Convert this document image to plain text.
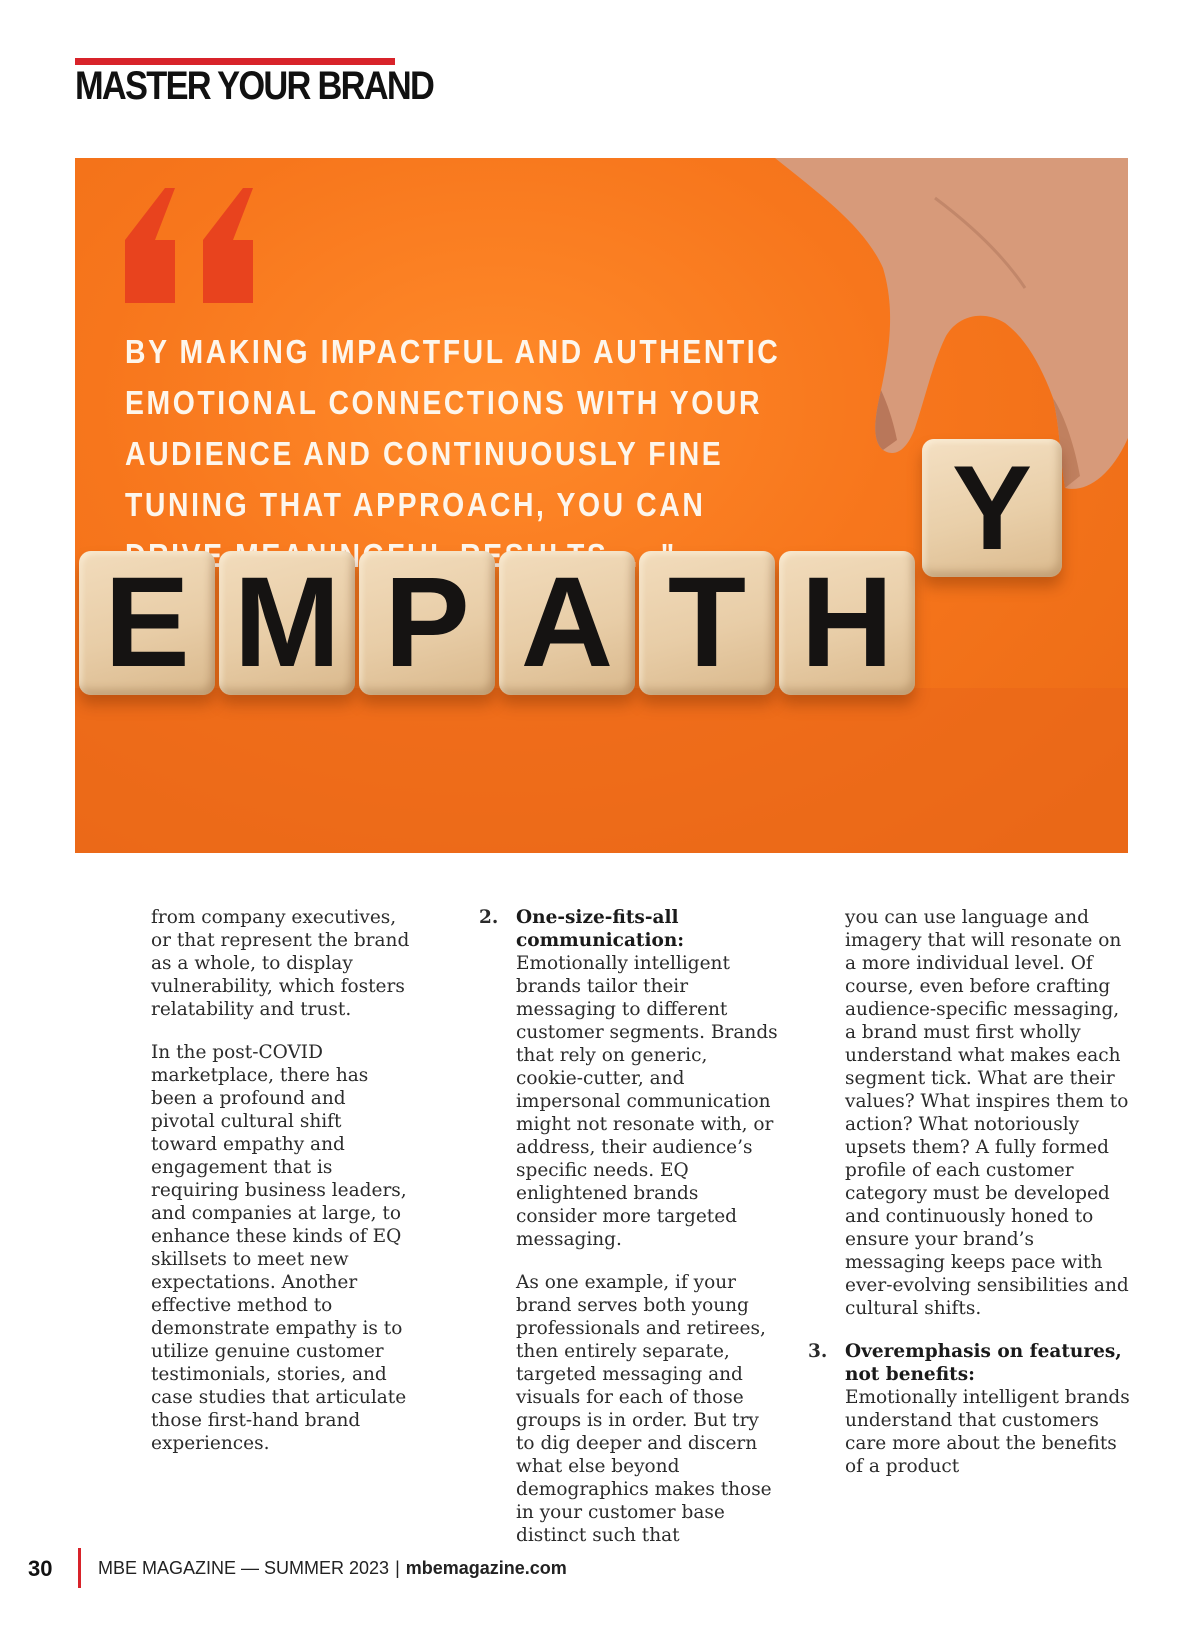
MASTER YOUR BRAND

BY MAKING IMPACTFUL AND AUTHENTIC EMOTIONAL CONNECTIONS WITH YOUR AUDIENCE AND CONTINUOUSLY FINE TUNING THAT APPROACH, YOU CAN

E M P A T H
Y

from company executives, or that represent the brand as a whole, to display vulnerability, which fosters relatability and trust.

In the post-COVID marketplace, there has been a profound and pivotal cultural shift toward empathy and engagement that is requiring business leaders, and companies at large, to enhance these kinds of EQ skillsets to meet new expectations. Another effective method to demonstrate empathy is to utilize genuine customer testimonials, stories, and case studies that articulate those first-hand brand experiences.

2. One-size-fits-all communication:
Emotionally intelligent brands tailor their messaging to different customer segments. Brands that rely on generic, cookie-cutter, and impersonal communication might not resonate with, or address, their audience’s specific needs. EQ enlightened brands consider more targeted messaging.

As one example, if your brand serves both young professionals and retirees, then entirely separate, targeted messaging and visuals for each of those groups is in order. But try to dig deeper and discern what else beyond demographics makes those in your customer base distinct such that

you can use language and imagery that will resonate on a more individual level. Of course, even before crafting audience-specific messaging, a brand must first wholly understand what makes each segment tick. What are their values? What inspires them to action? What notoriously upsets them? A fully formed profile of each customer category must be developed and continuously honed to ensure your brand’s messaging keeps pace with ever-evolving sensibilities and cultural shifts.

3. Overemphasis on features, not benefits:
Emotionally intelligent brands understand that customers care more about the benefits of a product

30	MBE MAGAZINE — SUMMER 2023 | mbemagazine.com
